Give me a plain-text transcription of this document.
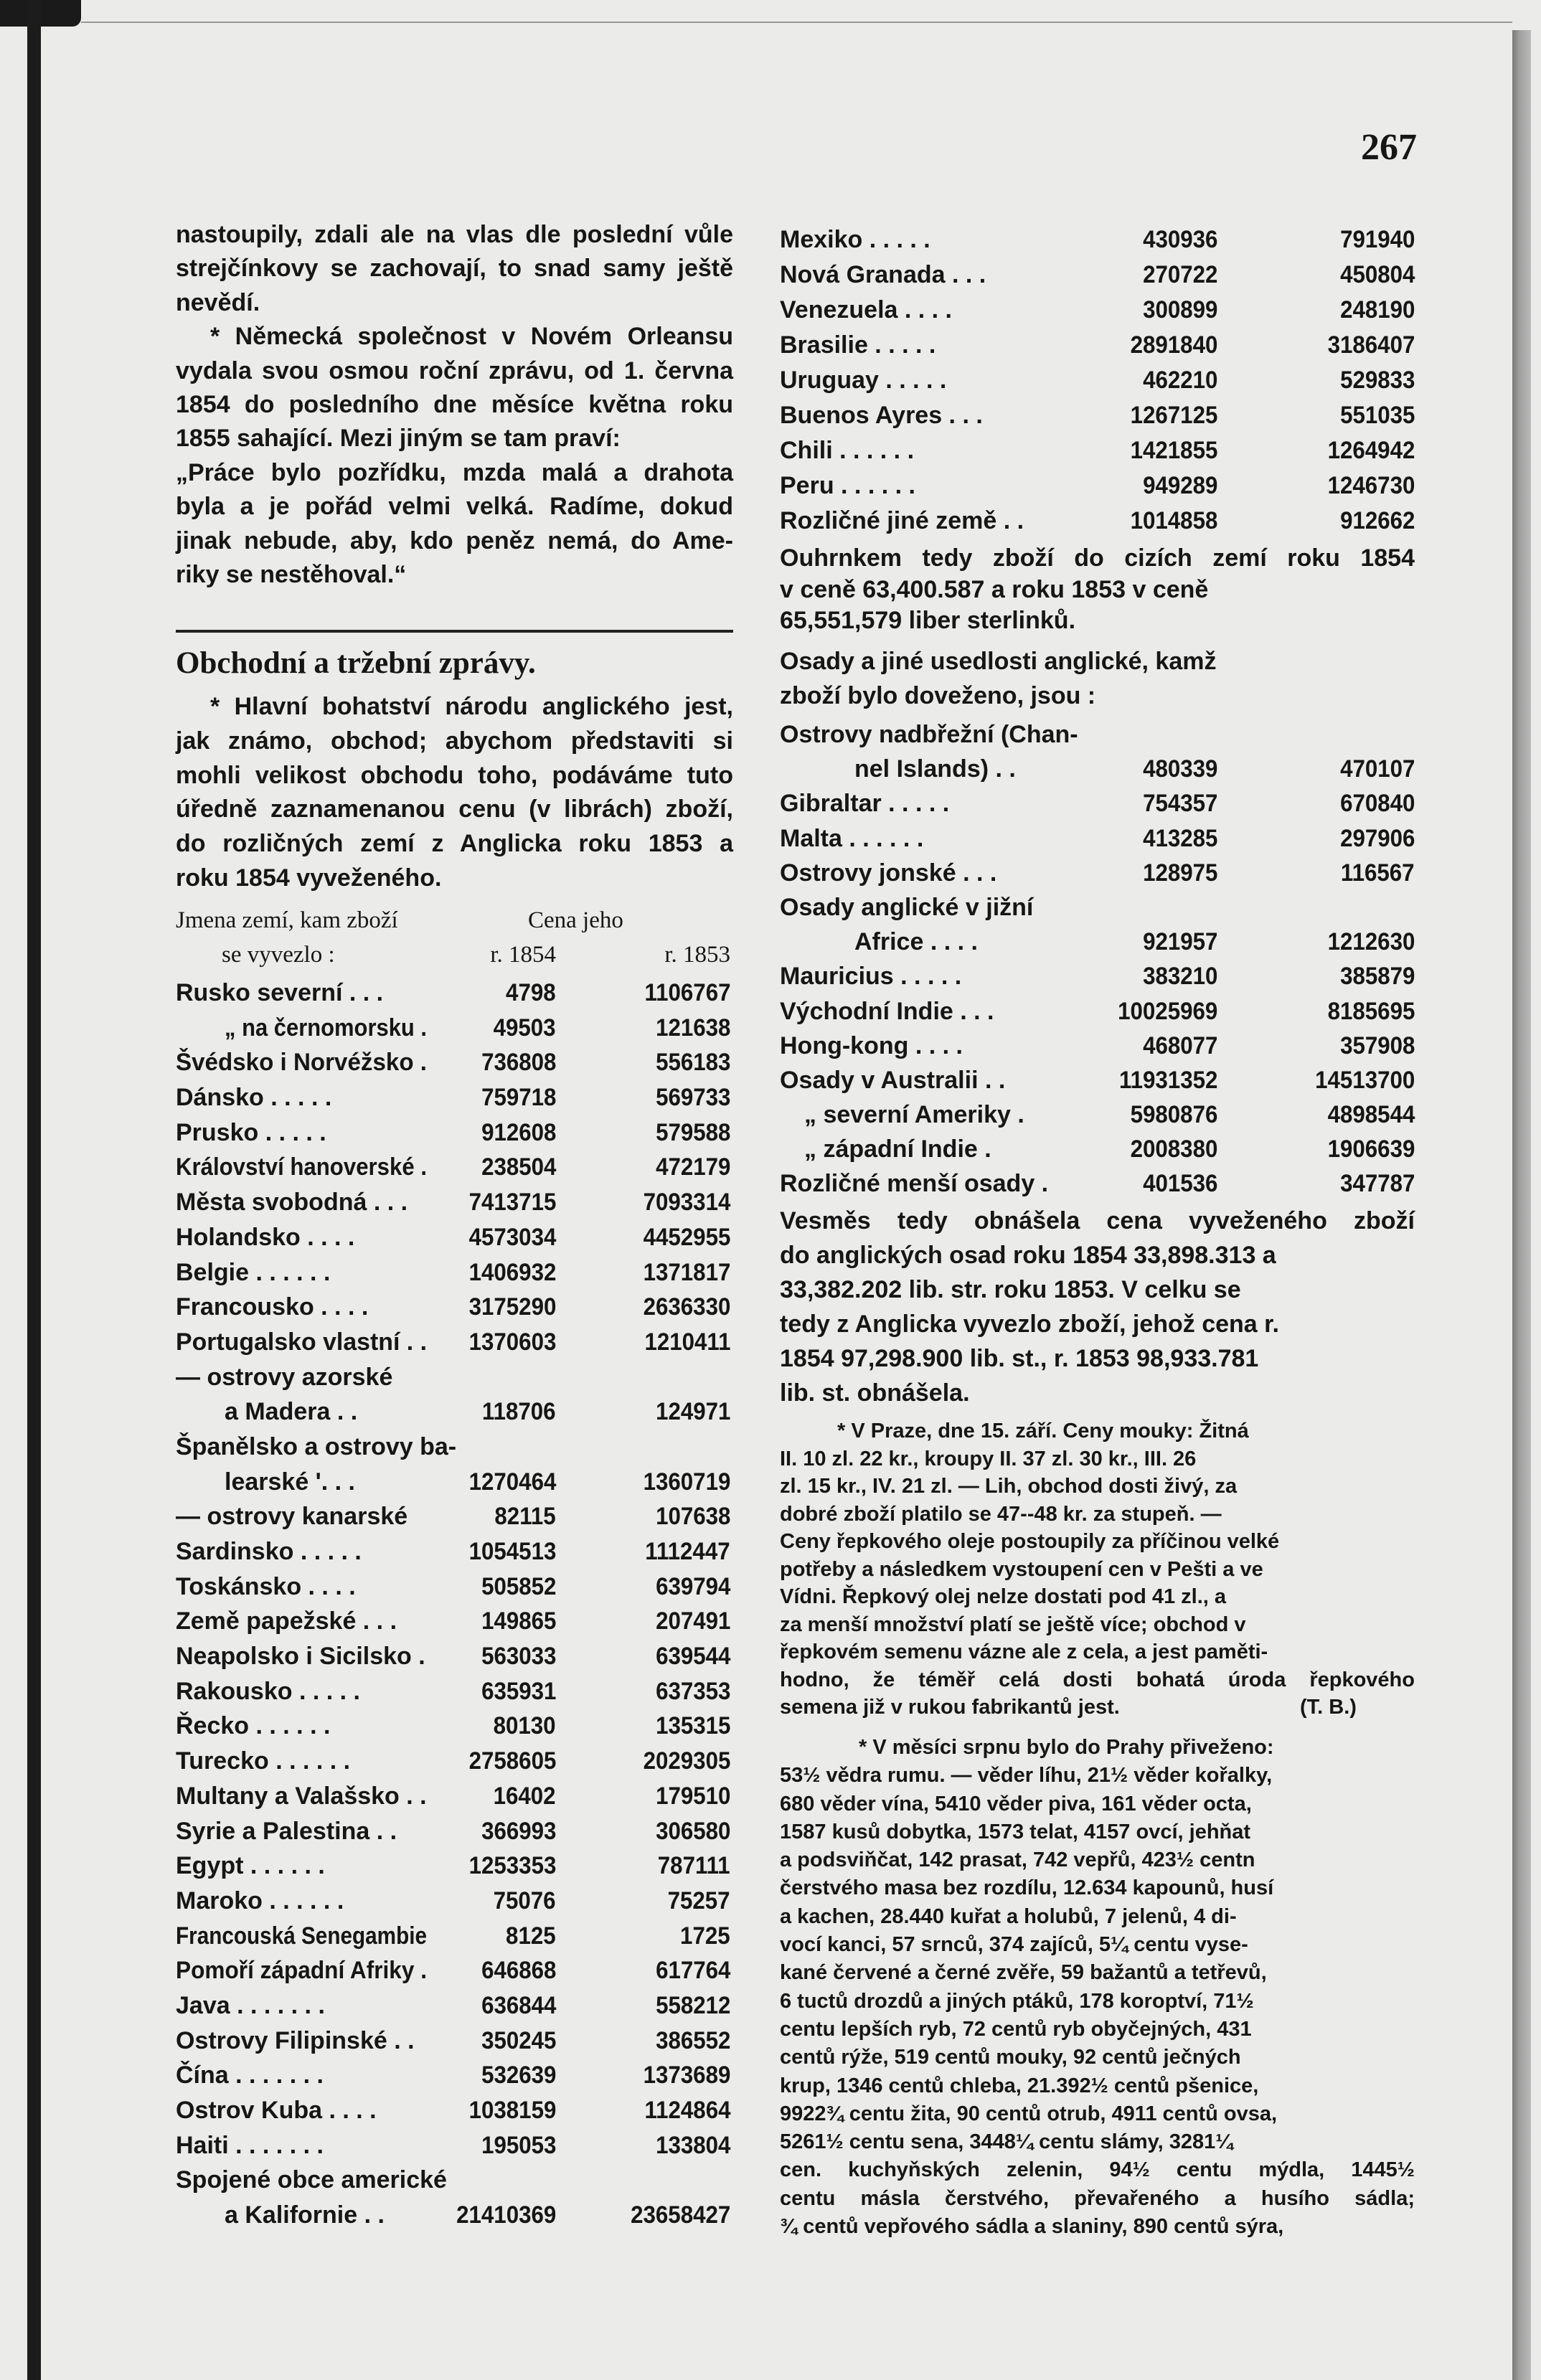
267
nastoupily, zdali ale na vlas dle poslední vůle
strejčínkovy se zachovají, to snad samy ještě
nevědí.
* Německá společnost v Novém Orleansu
vydala svou osmou roční zprávu, od 1. června
1854 do posledního dne měsíce května roku
1855 sahající. Mezi jiným se tam praví:
„Práce bylo pozřídku, mzda malá a drahota
byla a je pořád velmi velká. Radíme, dokud
jinak nebude, aby, kdo peněz nemá, do Ame-
riky se nestěhoval.“
Obchodní a tržební zprávy.
* Hlavní bohatství národu anglického jest,
jak známo, obchod; abychom představiti si
mohli velikost obchodu toho, podáváme tuto
úředně zaznamenanou cenu (v librách) zboží,
do rozličných zemí z Anglicka roku 1853 a
roku 1854 vyveženého.
Jmena zemí, kam zboží	Cena jeho
se vyvezlo :	r. 1854	r. 1853
Rusko severní . . .	4798	1106767
„ na černomorsku .	49503	121638
Švédsko i Norvéžsko . 736808	556183
Dánsko . . . . .	759718	569733
Prusko . . . . .	912608	579588
Království hanoverské . 238504	472179
Města svobodná . . .	7413715	7093314
Holandsko . . . .	4573034	4452955
Belgie . . . . . .	1406932	1371817
Francousko . . . .	3175290	2636330
Portugalsko vlastní . . 1370603	1210411
— ostrovy azorské
a Madera . .	118706	124971
Španělsko a ostrovy ba-
learské ʹ. . .	1270464	1360719
— ostrovy kanarské	82115	107638
Sardinsko . . . . .	1054513	1112447
Toskánsko . . . .	505852	639794
Země papežské . . .	149865	207491
Neapolsko i Sicilsko . 563033	639544
Rakousko . . . . .	635931	637353
Řecko . . . . . .	80130	135315
Turecko . . . . . .	2758605	2029305
Multany a Valašsko . .	16402	179510
Syrie a Palestina . .	366993	306580
Egypt . . . . . .	1253353	787111
Maroko . . . . . .	75076	75257
Francouská Senegambie	8125	1725
Pomoří západní Afriky . 646868	617764
Java . . . . . . .	636844	558212
Ostrovy Filipinské . .	350245	386552
Čína . . . . . . .	532639	1373689
Ostrov Kuba . . . .	1038159	1124864
Haiti . . . . . . .	195053	133804
Spojené obce americké
a Kalifornie . .	21410369	23658427
Mexiko . . . . .	430936	791940
Nová Granada . . .	270722	450804
Venezuela . . . .	300899	248190
Brasilie . . . . .	2891840	3186407
Uruguay . . . . .	462210	529833
Buenos Ayres . . .	1267125	551035
Chili . . . . . .	1421855	1264942
Peru . . . . . .	949289	1246730
Rozličné jiné země . .	1014858	912662
Ouhrnkem tedy zboží do cizích zemí roku 1854
v ceně 63,400.587 a roku 1853 v ceně
65,551,579 liber sterlinků.
Osady a jiné usedlosti anglické, kamž
zboží bylo doveženo, jsou :
Ostrovy nadbřežní (Chan-
nel Islands) . .	480339	470107
Gibraltar . . . . .	754357	670840
Malta . . . . . .	413285	297906
Ostrovy jonské . . .	128975	116567
Osady anglické v jižní
Africe . . . .	921957	1212630
Mauricius . . . . .	383210	385879
Východní Indie . . .	10025969	8185695
Hong-kong . . . .	468077	357908
Osady v Australii . .	11931352	14513700
„ severní Ameriky .	5980876	4898544
„ západní Indie .	2008380	1906639
Rozličné menší osady .	401536	347787
Vesměs tedy obnášela cena vyveženého zboží
do anglických osad roku 1854 33,898.313 a
33,382.202 lib. str. roku 1853. V celku se
tedy z Anglicka vyvezlo zboží, jehož cena r.
1854 97,298.900 lib. st., r. 1853 98,933.781
lib. st. obnášela.
* V Praze, dne 15. září. Ceny mouky: Žitná
II. 10 zl. 22 kr., kroupy II. 37 zl. 30 kr., III. 26
zl. 15 kr., IV. 21 zl. — Lih, obchod dosti živý, za
dobré zboží platilo se 47--48 kr. za stupeň. —
Ceny řepkového oleje postoupily za příčinou velké
potřeby a následkem vystoupení cen v Pešti a ve
Vídni. Řepkový olej nelze dostati pod 41 zl., a
za menší množství platí se ještě více; obchod v
řepkovém semenu vázne ale z cela, a jest paměti-
hodno, že téměř celá dosti bohatá úroda řepkového
semena již v rukou fabrikantů jest.	(T. B.)
* V měsíci srpnu bylo do Prahy přiveženo:
53½ vědra rumu. — věder líhu, 21½ věder kořalky,
680 věder vína, 5410 věder piva, 161 věder octa,
1587 kusů dobytka, 1573 telat, 4157 ovcí, jehňat
a podsviňčat, 142 prasat, 742 vepřů, 423½ centn
čerstvého masa bez rozdílu, 12.634 kapounů, husí
a kachen, 28.440 kuřat a holubů, 7 jelenů, 4 di-
vocí kanci, 57 srnců, 374 zajíců, 5¼ centu vyse-
kané červené a černé zvěře, 59 bažantů a tetřevů,
6 tuctů drozdů a jiných ptáků, 178 koroptví, 71½
centu lepších ryb, 72 centů ryb obyčejných, 431
centů rýže, 519 centů mouky, 92 centů ječných
krup, 1346 centů chleba, 21.392½ centů pšenice,
9922¾ centu žita, 90 centů otrub, 4911 centů ovsa,
5261½ centu sena, 3448¼ centu slámy, 3281¼
cen. kuchyňských zelenin, 94½ centu mýdla, 1445½
centu másla čerstvého, převařeného a husího sádla;
¾ centů vepřového sádla a slaniny, 890 centů sýra,
